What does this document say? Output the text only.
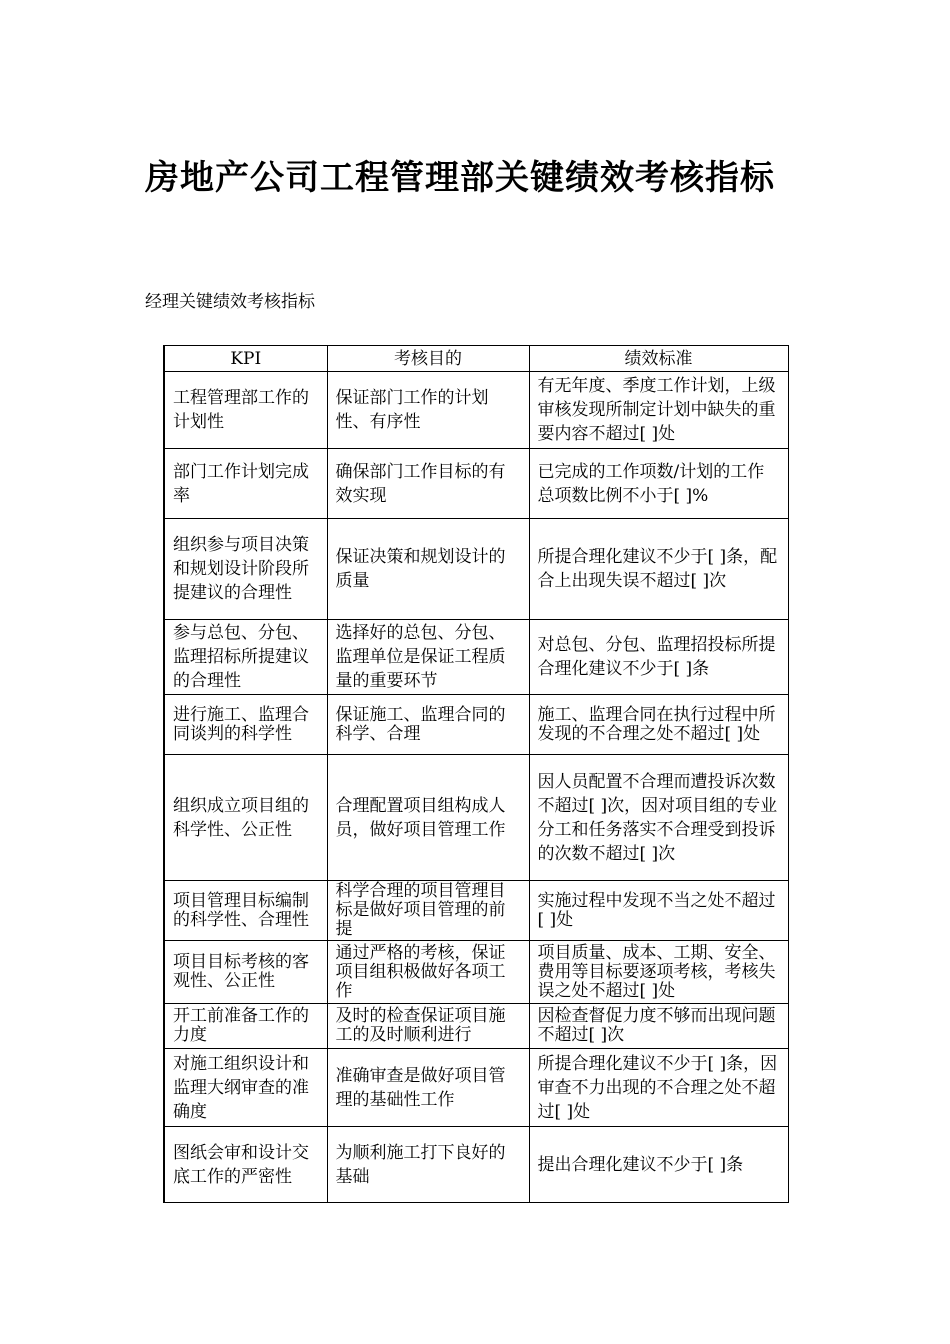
房地产公司工程管理部关键绩效考核指标
经理关键绩效考核指标
KPI	考核目的	绩效标准
工程管理部工作的计划性	保证部门工作的计划性、有序性	有无年度、季度工作计划，上级审核发现所制定计划中缺失的重要内容不超过[ ]处
部门工作计划完成率	确保部门工作目标的有效实现	已完成的工作项数/计划的工作总项数比例不小于[ ]%
组织参与项目决策和规划设计阶段所提建议的合理性	保证决策和规划设计的质量	所提合理化建议不少于[ ]条，配合上出现失误不超过[ ]次
参与总包、分包、监理招标所提建议的合理性	选择好的总包、分包、监理单位是保证工程质量的重要环节	对总包、分包、监理招投标所提合理化建议不少于[ ]条
进行施工、监理合同谈判的科学性	保证施工、监理合同的科学、合理	施工、监理合同在执行过程中所发现的不合理之处不超过[ ]处
组织成立项目组的科学性、公正性	合理配置项目组构成人员，做好项目管理工作	因人员配置不合理而遭投诉次数不超过[ ]次，因对项目组的专业分工和任务落实不合理受到投诉的次数不超过[ ]次
项目管理目标编制的科学性、合理性	科学合理的项目管理目标是做好项目管理的前提	实施过程中发现不当之处不超过[ ]处
项目目标考核的客观性、公正性	通过严格的考核，保证项目组积极做好各项工作	项目质量、成本、工期、安全、费用等目标要逐项考核，考核失误之处不超过[ ]处
开工前准备工作的力度	及时的检查保证项目施工的及时顺利进行	因检查督促力度不够而出现问题不超过[ ]次
对施工组织设计和监理大纲审查的准确度	准确审查是做好项目管理的基础性工作	所提合理化建议不少于[ ]条，因审查不力出现的不合理之处不超过[ ]处
图纸会审和设计交底工作的严密性	为顺利施工打下良好的基础	提出合理化建议不少于[ ]条
